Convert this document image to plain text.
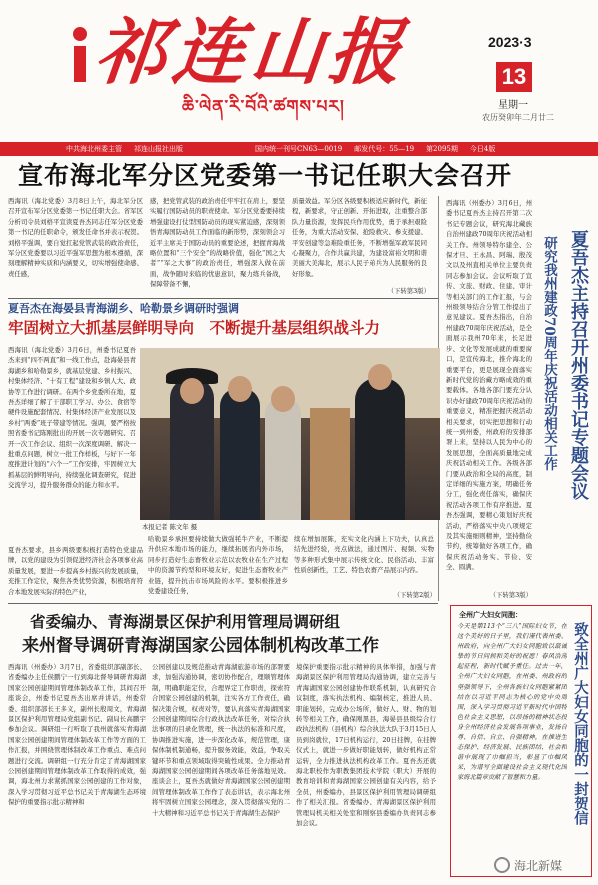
祁连山报
ཆི་ལེན་རི་བོའི་ཚགས་པར།
2023·3
13
星期一
农历癸卯年二月廿二
中共海北州委主管	祁连山报社出版	国内统一刊号CN63—0019	邮发代号：55—19	第2095期	今日4版
宣布海北军分区党委第一书记任职大会召开
西海讯（海北党委）3月8日上午，海北军分区召开宣布军分区党委第一书记任职大会。省军区分析司令员刘格平宣读夏吾杰同志任军分区党委第一书记的任职命令，颁发任命书并表示祝贺。刘格平强调，要自觉扛起党管武装的政治责任，军分区党委要以习近平强军思想为根本遵循，深刻理解精神实质和内涵要义，切实增强使命感、责任感，
感，把党管武装的政治责任牢牢扛在肩上，要坚实履行国防动员的职责使命。军分区党委要持续增强建设打仗型国防动员的现实紧迫感，深刻领悟青海国防动员工作面临的新形势，深刻领会习近平主席关于国防动员的重要论述，把握青海战略位置和“三个安全”的战略价值，强化“国之大者”“军之大事”的政治责任，增强深入做在前面，战争随时来临的忧患意识，聚力练兵备战，保障带备不懈，
质量效益。军分区各级要积极适应新时代，新征程，新要求，守正创新、开拓进取，注重整合部队力量资源，发挥民兵作用优势，勇于承担艰险任务，为重大活动安保、抢险救灾、参支援建、平安创建等急难险重任务，不断增强军政军民同心凝聚力，合作共赢共建，为建设富裕文明和谐美丽大美海北，展示人民子弟兵为人民服务的良好形象。
（下转第3版）
夏吾杰在海晏县青海湖乡、哈勒景乡调研时强调
牢固树立大抓基层鲜明导向　不断提升基层组织战斗力
西海讯（海北党委）3月6日，州委书记夏吾杰来到“四不两直”和一线工作点，赴海晏县青海湖乡和哈勒景乡，就基层党建、乡村振兴、村集体经济、“十有工程”建设和乡镇人大、政协等工作进行调研。在两个乡党委所在地，夏吾杰详细了解了干部职工学习、办公、食宿等硬件设施配套情况、村集体经济产业发展以及乡村“两委”班子带建等情况。强调，要严格按照省委书记陈刚批出的开展一次专题研究、召开一次工作会议、组织一次深度调研、解决一批重点问题，树立一批工作样板，与好下一年度推进计划的“六个一”工作安排，牢固树立大抓基层的鲜明导向，持续强化调查研究，促进交流学习，提升服务群众的能力和水平。
夏吾杰要求，县乡两级要积极打造特色党建品牌，以党的建设为引领促进经济社会各项事业高质量发展，要进一步提高乡村振兴的发展质量，充推工作定位，聚焦各类优势资源，积极培育符合本地发展实际的特色产业，
哈勒景乡承担要持续做大做强牦牛产业，不断提升供应本地市场的能力，继续拓展省内外市场，同步打造好生态畜牧业示范以农牧业在生产过程中的资源节约型和环境友好，促进生态畜牧业产业链，提升抗击市场风险的水平。要积极推进乡党委建设任务，
续在增加展陈，充实文化内涵上下功夫，认真总结先进经验，亮点做法，通过图片、视频、实物等多种形式集中展示传统文化、民俗活动、丰富性质创新性，工艺、特色农畜产品展示内容。
（下转第2版）
本报记者 陈文年 摄
省委编办、青海湖景区保护利用管理局调研组
来州督导调研青海湖国家公园体制机构改革工作
西海讯（州委办）3月7日，省委组织部副部长、省委编办主任侯鹏宁一行到海北督导调研青海湖国家公园创建期间管理体制改革工作，其间召开座谈会，州委书记夏吾杰出席并讲话，州委常委、组织部部长王多义，副州长殷周文，青海湖景区保护利用管理局党组副书记、副局长高鹏宇参加会议。调研组一行听取了我州就落实青海湖国家公园创建期间管理体制改革工作等方面的工作汇报，并围绕管理体制改革工作重点、难点问题进行交流。调研组一行充分肯定了青海湖国家公园创建期间管理体制改革工作取得的成效，强调，海北州力求紧抓国家公园创建的工作对象，深入学习贯彻习近平总书记关于青海湖生态环境保护的重要指示批示精神和
公园创建以及规范推动青海湖旅游市场的部署要求，加强沟通协调，密切协作配合，理顺管理体制，明确职能定位，合理界定工作职责，探索符合国家公园创建的机制，注实各方工作责任，确保决策合规，权责对等，要认真落实青海湖国家公园创建期间综合行政执法改革任务，对综合执法事项的目录化管理，统一执法的标准和尺度，协调推进实施，进一步深化改革，规范管理，康保体制机制通畅，提升服务效能，效益，争取关键环节和重点领域取得突破性成果。全力推动青海湖国家公园创建期间各项改革任务落地见效。座谈会上，夏吾杰就做好青海湖国家公园创建期间管理体制改革工作作了表态讲话，表示海北州将牢固树立国家公园理念，深入贯彻落实党的二十大精神和习近平总书记关于青海湖生态保护
境保护重要指示批示精神的具体举措，加强与青海湖景区保护利用管理局沟通协调，建立完善与青海湖国家公园创建协作联系机制，认真研究合议制度，落实执法机构、编制核定，推进人员、职能划转，完成办公场所，做好人、财、物的划转等相关工作，确保刚黑县，海晏县县级综合行政执法机构（县机构）综合执法大队于3月15日人员到岗就位，17日机构运行，20日挂牌，在挂牌仪式上，就进一步做好职能划转，做好机构正常运转，全力推进执法机构改革工作。夏吾杰还就海北职校作为职教集团技术学院（职大）开展的教育培训和青海湖国家公园创建有关内容，给予全员，州委编办，县景区保护利用管理局调研组作了相关汇报。省委编办、青海湖景区保护利用管理局机关相关处室和刚察县委编办负责同志参加会议。
西海讯（州委办）3月6日，州委书记夏吾杰主持召开第二次书记专题会议，研究海北藏族自治州建政70周年庆祝活动相关工作。州领导特尔建全、公保才旦、王永昌、阿瑞、殷茂文以及州直相关单位主要负责同志参加会议。会议听取了宣传、文旅、财政、住建、审计等相关部门的工作汇报，与会州级领导结合分管工作提出了意见建议。夏吾杰指出，自治州建政70周年庆祝活动，是全面展示我州70年来，长足进步、文化等发展成就的重要窗口，是宣传海北，推介海北的重要平台，更是展现全面落实新时代党的治藏方略成效的重要载体。各地各部门要充分认识办好建政70周年庆祝活动的重要意义，精准把握庆祝活动相关要求，切实把思想和行动统一到州委，州政府的安排部署上来，坚持以人民为中心的发展思想，全面高质量地完成庆祝活动相关工作。各级各部门要从政治和全局的高度，制定详细的实施方案，明确任务分工，强化责任落实，确保庆祝活动各项工作有序推进。夏吾杰强调，要精心策划好庆祝活动，严格落实中央八项规定及其实施细则精神，坚持勤俭节约，统筹做好各项工作，确保庆祝活动务实、节俭、安全、圆满。
（下转第3版）
研究我州建政70周年庆祝活动相关工作 夏吾杰主持召开州委书记专题会议
全州广大妇女同胞：
今天是第113个“三八”国际妇女节，在这个美好的日子里，我们谨代表州委、州政府，向全州广大妇女同胞致以最诚挚的节日问候和美好的祝愿！春风浩荡起征程，新时代赋予重任。过去一年，全州广大妇女同胞，在州委、州政府的坚强领导下，全州各族妇女同胞紧紧团结在以习近平同志为核心的党中央周围，深入学习贯彻习近平新时代中国特色社会主义思想，以昂扬的精神状态投身全州经济社会发展各项事业，发扬自尊、自信、自立、自强精神，在推进生态保护、经济发展、民族团结、社会和谐中展现了巾帼担当，彰显了巾帼风采，为谱写全面建设社会主义现代化国家海北篇章贡献了智慧和力量。	致全州广大妇女同胞的一封贺信
海北新媒
